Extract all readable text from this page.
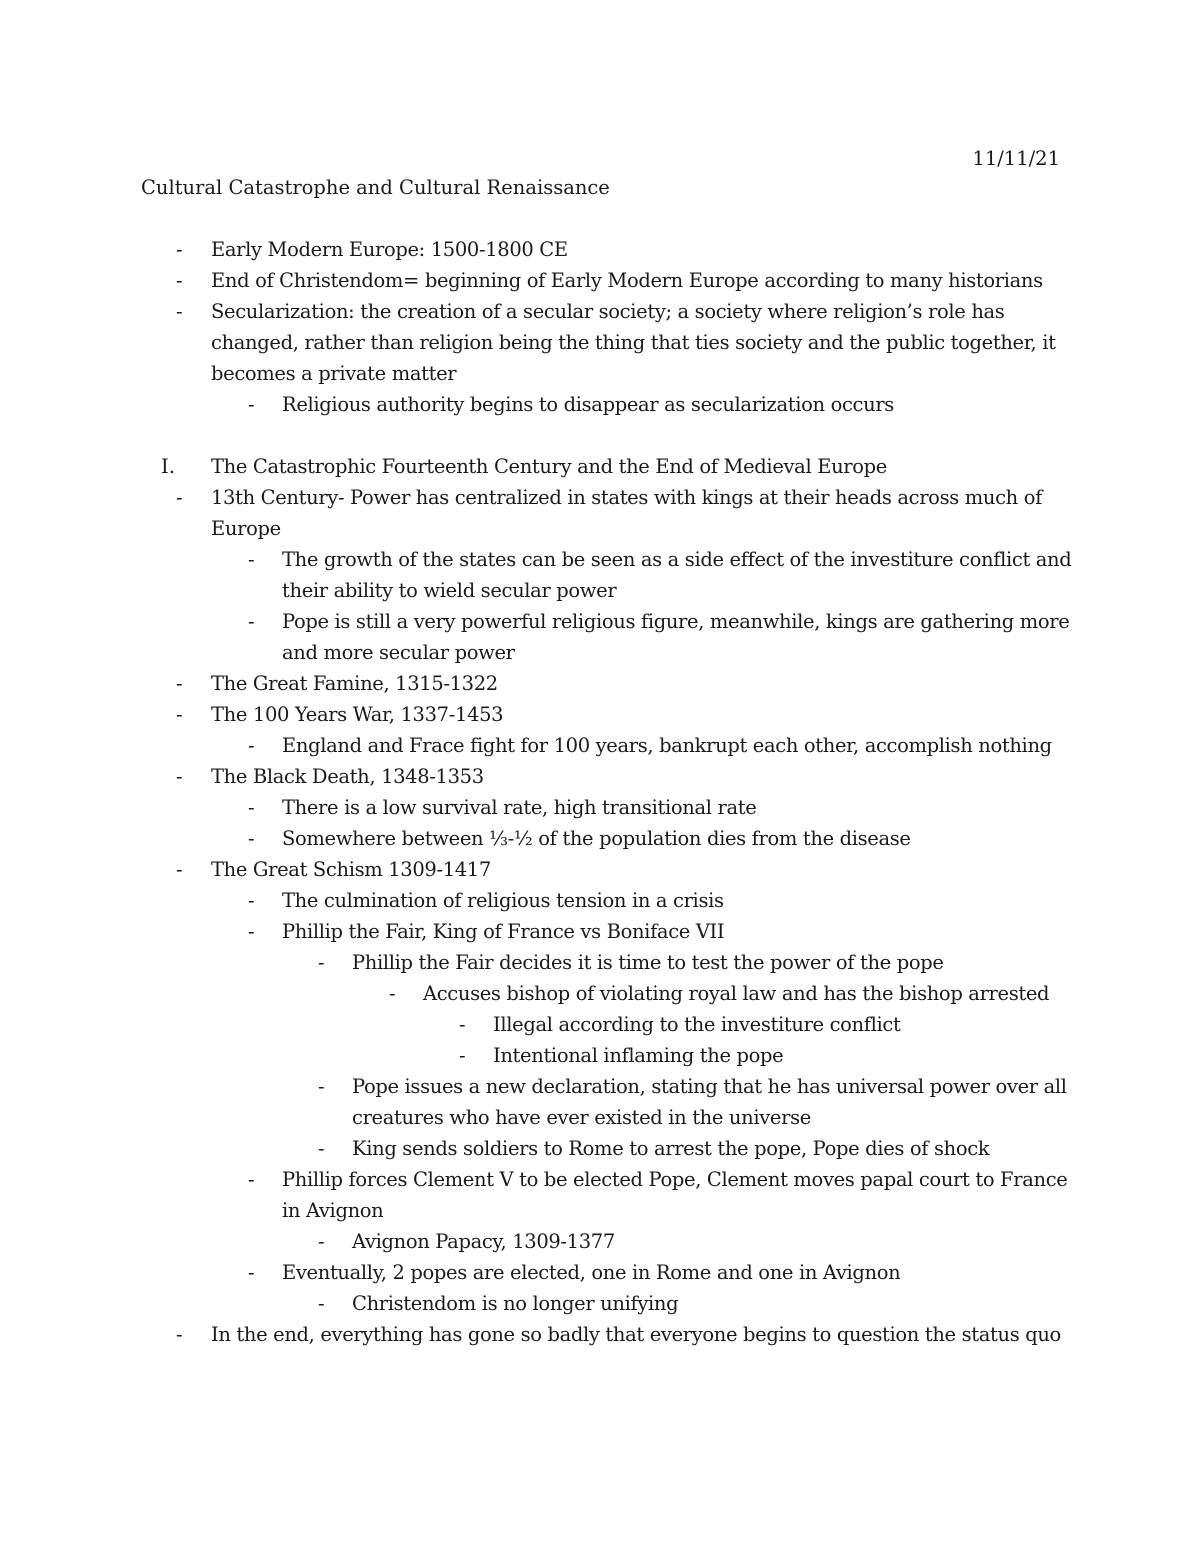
11/11/21
Cultural Catastrophe and Cultural Renaissance
- Early Modern Europe: 1500-1800 CE
- End of Christendom= beginning of Early Modern Europe according to many historians
- Secularization: the creation of a secular society; a society where religion’s role has
changed, rather than religion being the thing that ties society and the public together, it
becomes a private matter
- Religious authority begins to disappear as secularization occurs
I. The Catastrophic Fourteenth Century and the End of Medieval Europe
- 13th Century- Power has centralized in states with kings at their heads across much of
Europe
- The growth of the states can be seen as a side effect of the investiture conflict and
their ability to wield secular power
- Pope is still a very powerful religious figure, meanwhile, kings are gathering more
and more secular power
- The Great Famine, 1315-1322
- The 100 Years War, 1337-1453
- England and Frace fight for 100 years, bankrupt each other, accomplish nothing
- The Black Death, 1348-1353
- There is a low survival rate, high transitional rate
- Somewhere between ⅓-½ of the population dies from the disease
- The Great Schism 1309-1417
- The culmination of religious tension in a crisis
- Phillip the Fair, King of France vs Boniface VII
- Phillip the Fair decides it is time to test the power of the pope
- Accuses bishop of violating royal law and has the bishop arrested
- Illegal according to the investiture conflict
- Intentional inflaming the pope
- Pope issues a new declaration, stating that he has universal power over all
creatures who have ever existed in the universe
- King sends soldiers to Rome to arrest the pope, Pope dies of shock
- Phillip forces Clement V to be elected Pope, Clement moves papal court to France
in Avignon
- Avignon Papacy, 1309-1377
- Eventually, 2 popes are elected, one in Rome and one in Avignon
- Christendom is no longer unifying
- In the end, everything has gone so badly that everyone begins to question the status quo
